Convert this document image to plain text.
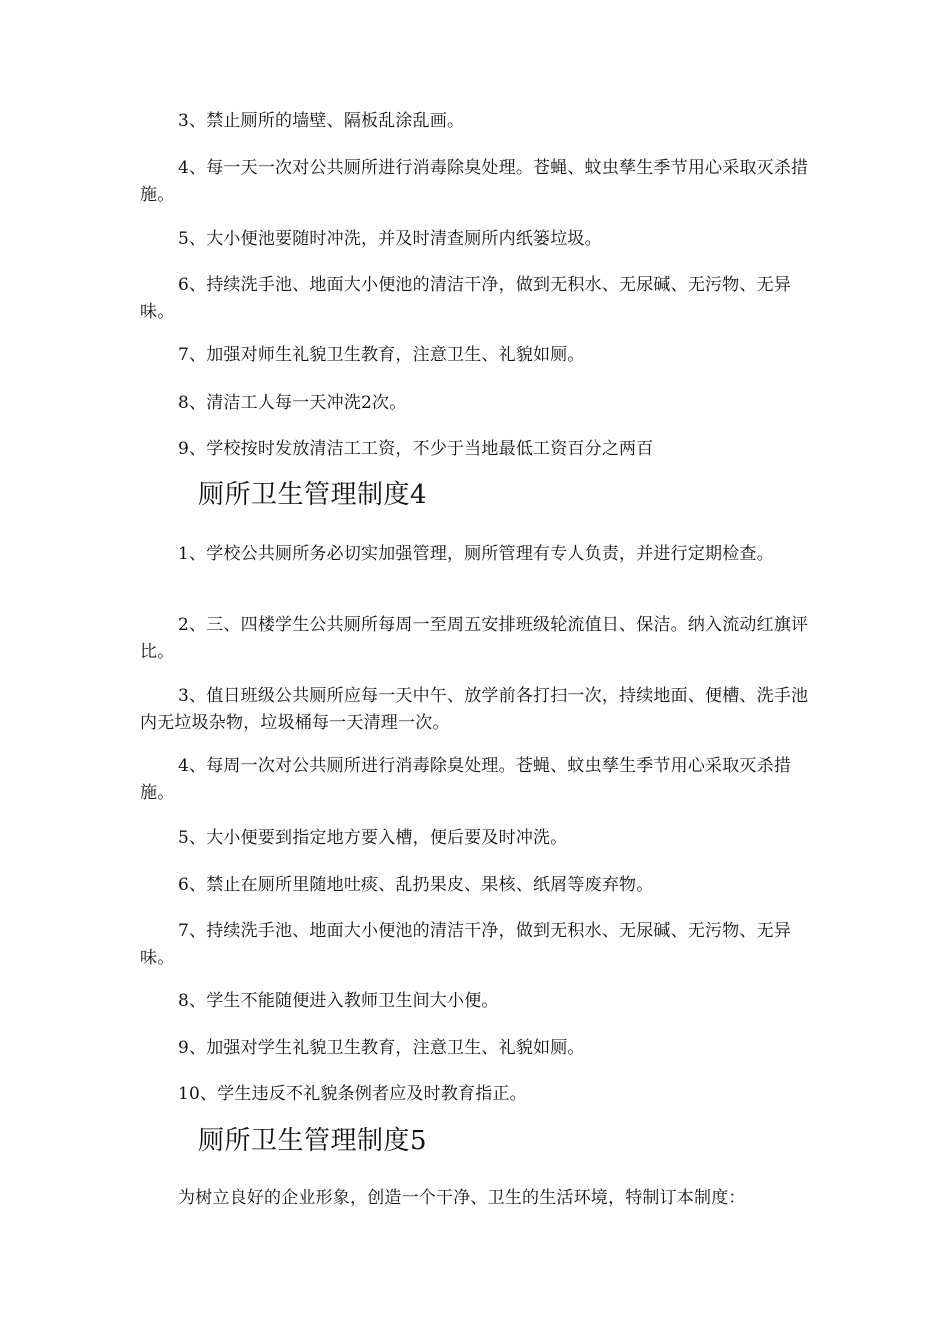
3、禁止厕所的墙壁、隔板乱涂乱画。

4、每一天一次对公共厕所进行消毒除臭处理。苍蝇、蚊虫孳生季节用心采取灭杀措施。

5、大小便池要随时冲洗，并及时清查厕所内纸篓垃圾。

6、持续洗手池、地面大小便池的清洁干净，做到无积水、无尿碱、无污物、无异味。

7、加强对师生礼貌卫生教育，注意卫生、礼貌如厕。

8、清洁工人每一天冲洗2次。

9、学校按时发放清洁工工资，不少于当地最低工资百分之两百

厕所卫生管理制度4

1、学校公共厕所务必切实加强管理，厕所管理有专人负责，并进行定期检查。

2、三、四楼学生公共厕所每周一至周五安排班级轮流值日、保洁。纳入流动红旗评比。

3、值日班级公共厕所应每一天中午、放学前各打扫一次，持续地面、便槽、洗手池内无垃圾杂物，垃圾桶每一天清理一次。

4、每周一次对公共厕所进行消毒除臭处理。苍蝇、蚊虫孳生季节用心采取灭杀措施。

5、大小便要到指定地方要入槽，便后要及时冲洗。

6、禁止在厕所里随地吐痰、乱扔果皮、果核、纸屑等废弃物。

7、持续洗手池、地面大小便池的清洁干净，做到无积水、无尿碱、无污物、无异味。

8、学生不能随便进入教师卫生间大小便。

9、加强对学生礼貌卫生教育，注意卫生、礼貌如厕。

10、学生违反不礼貌条例者应及时教育指正。

厕所卫生管理制度5

为树立良好的企业形象，创造一个干净、卫生的生活环境，特制订本制度：
